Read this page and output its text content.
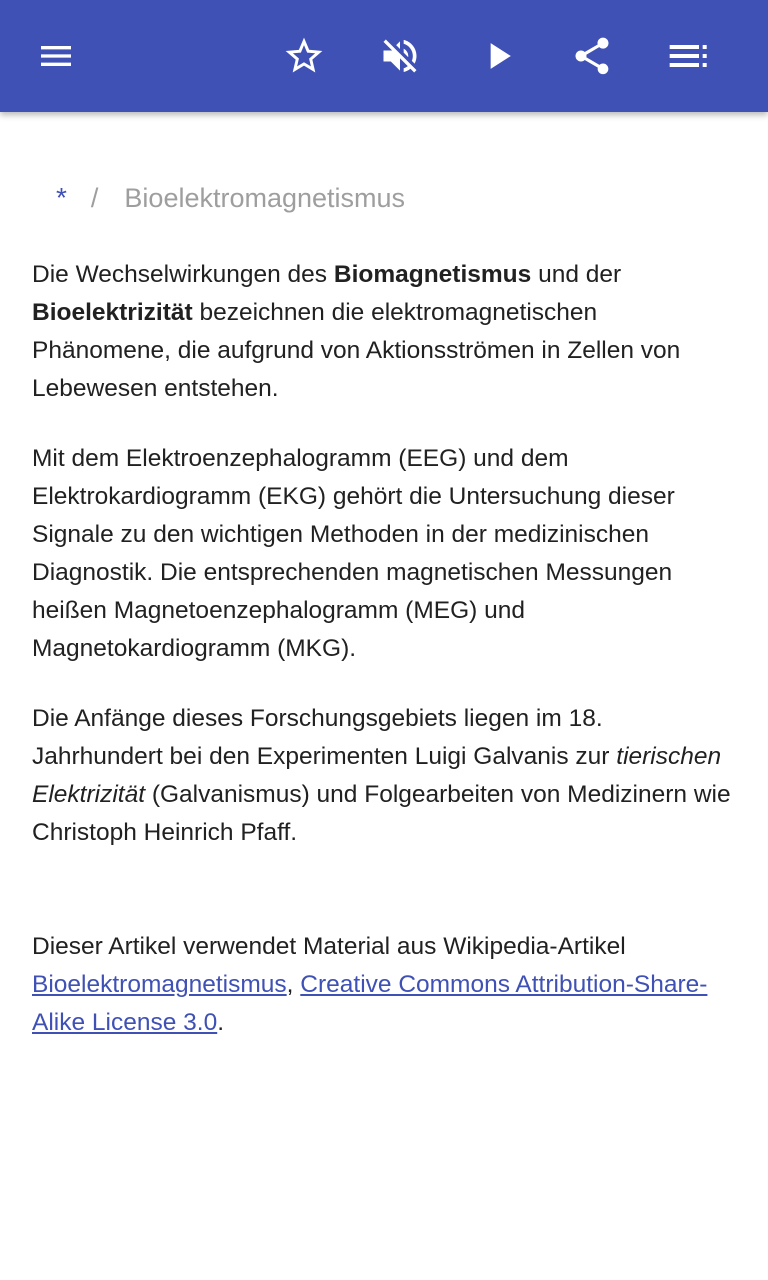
* / Bioelektromagnetismus

Die Wechselwirkungen des Biomagnetismus und der Bioelektrizität bezeichnen die elektromagnetischen Phänomene, die aufgrund von Aktionsströmen in Zellen von Lebewesen entstehen.

Mit dem Elektroenzephalogramm (EEG) und dem Elektrokardiogramm (EKG) gehört die Untersuchung dieser Signale zu den wichtigen Methoden in der medizinischen Diagnostik. Die entsprechenden magnetischen Messungen heißen Magnetoenzephalogramm (MEG) und Magnetokardiogramm (MKG).

Die Anfänge dieses Forschungsgebiets liegen im 18. Jahrhundert bei den Experimenten Luigi Galvanis zur tierischen Elektrizität (Galvanismus) und Folgearbeiten von Medizinern wie Christoph Heinrich Pfaff.

Dieser Artikel verwendet Material aus Wikipedia-Artikel Bioelektromagnetismus, Creative Commons Attribution-Share-Alike License 3.0.
